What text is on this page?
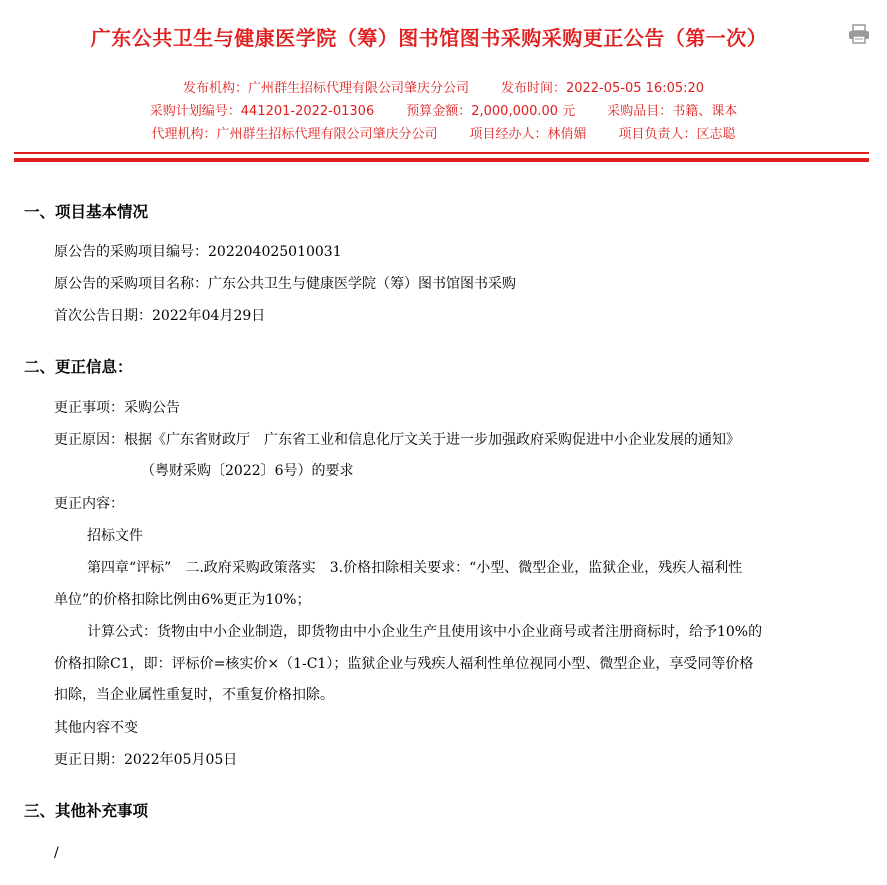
广东公共卫生与健康医学院（筹）图书馆图书采购采购更正公告（第一次）
发布机构：广州群生招标代理有限公司肇庆分公司 发布时间：2022-05-05 16:05:20
采购计划编号：441201-2022-01306 预算金额：2,000,000.00 元 采购品目：书籍、课本
代理机构：广州群生招标代理有限公司肇庆分公司 项目经办人：林俏媚 项目负责人：区志聪
一、项目基本情况
原公告的采购项目编号：202204025010031
原公告的采购项目名称：广东公共卫生与健康医学院（筹）图书馆图书采购
首次公告日期：2022年04月29日
二、更正信息：
更正事项：采购公告
更正原因：根据《广东省财政厅　广东省工业和信息化厅文关于进一步加强政府采购促进中小企业发展的通知》
（粤财采购〔2022〕6号）的要求
更正内容：
招标文件
第四章“评标”　二.政府采购政策落实　3.价格扣除相关要求：“小型、微型企业，监狱企业，残疾人福利性
单位”的价格扣除比例由6%更正为10%；
计算公式：货物由中小企业制造，即货物由中小企业生产且使用该中小企业商号或者注册商标时，给予10%的
价格扣除C1，即：评标价=核实价×（1-C1）；监狱企业与残疾人福利性单位视同小型、微型企业，享受同等价格
扣除，当企业属性重复时，不重复价格扣除。
其他内容不变
更正日期：2022年05月05日
三、其他补充事项
/
